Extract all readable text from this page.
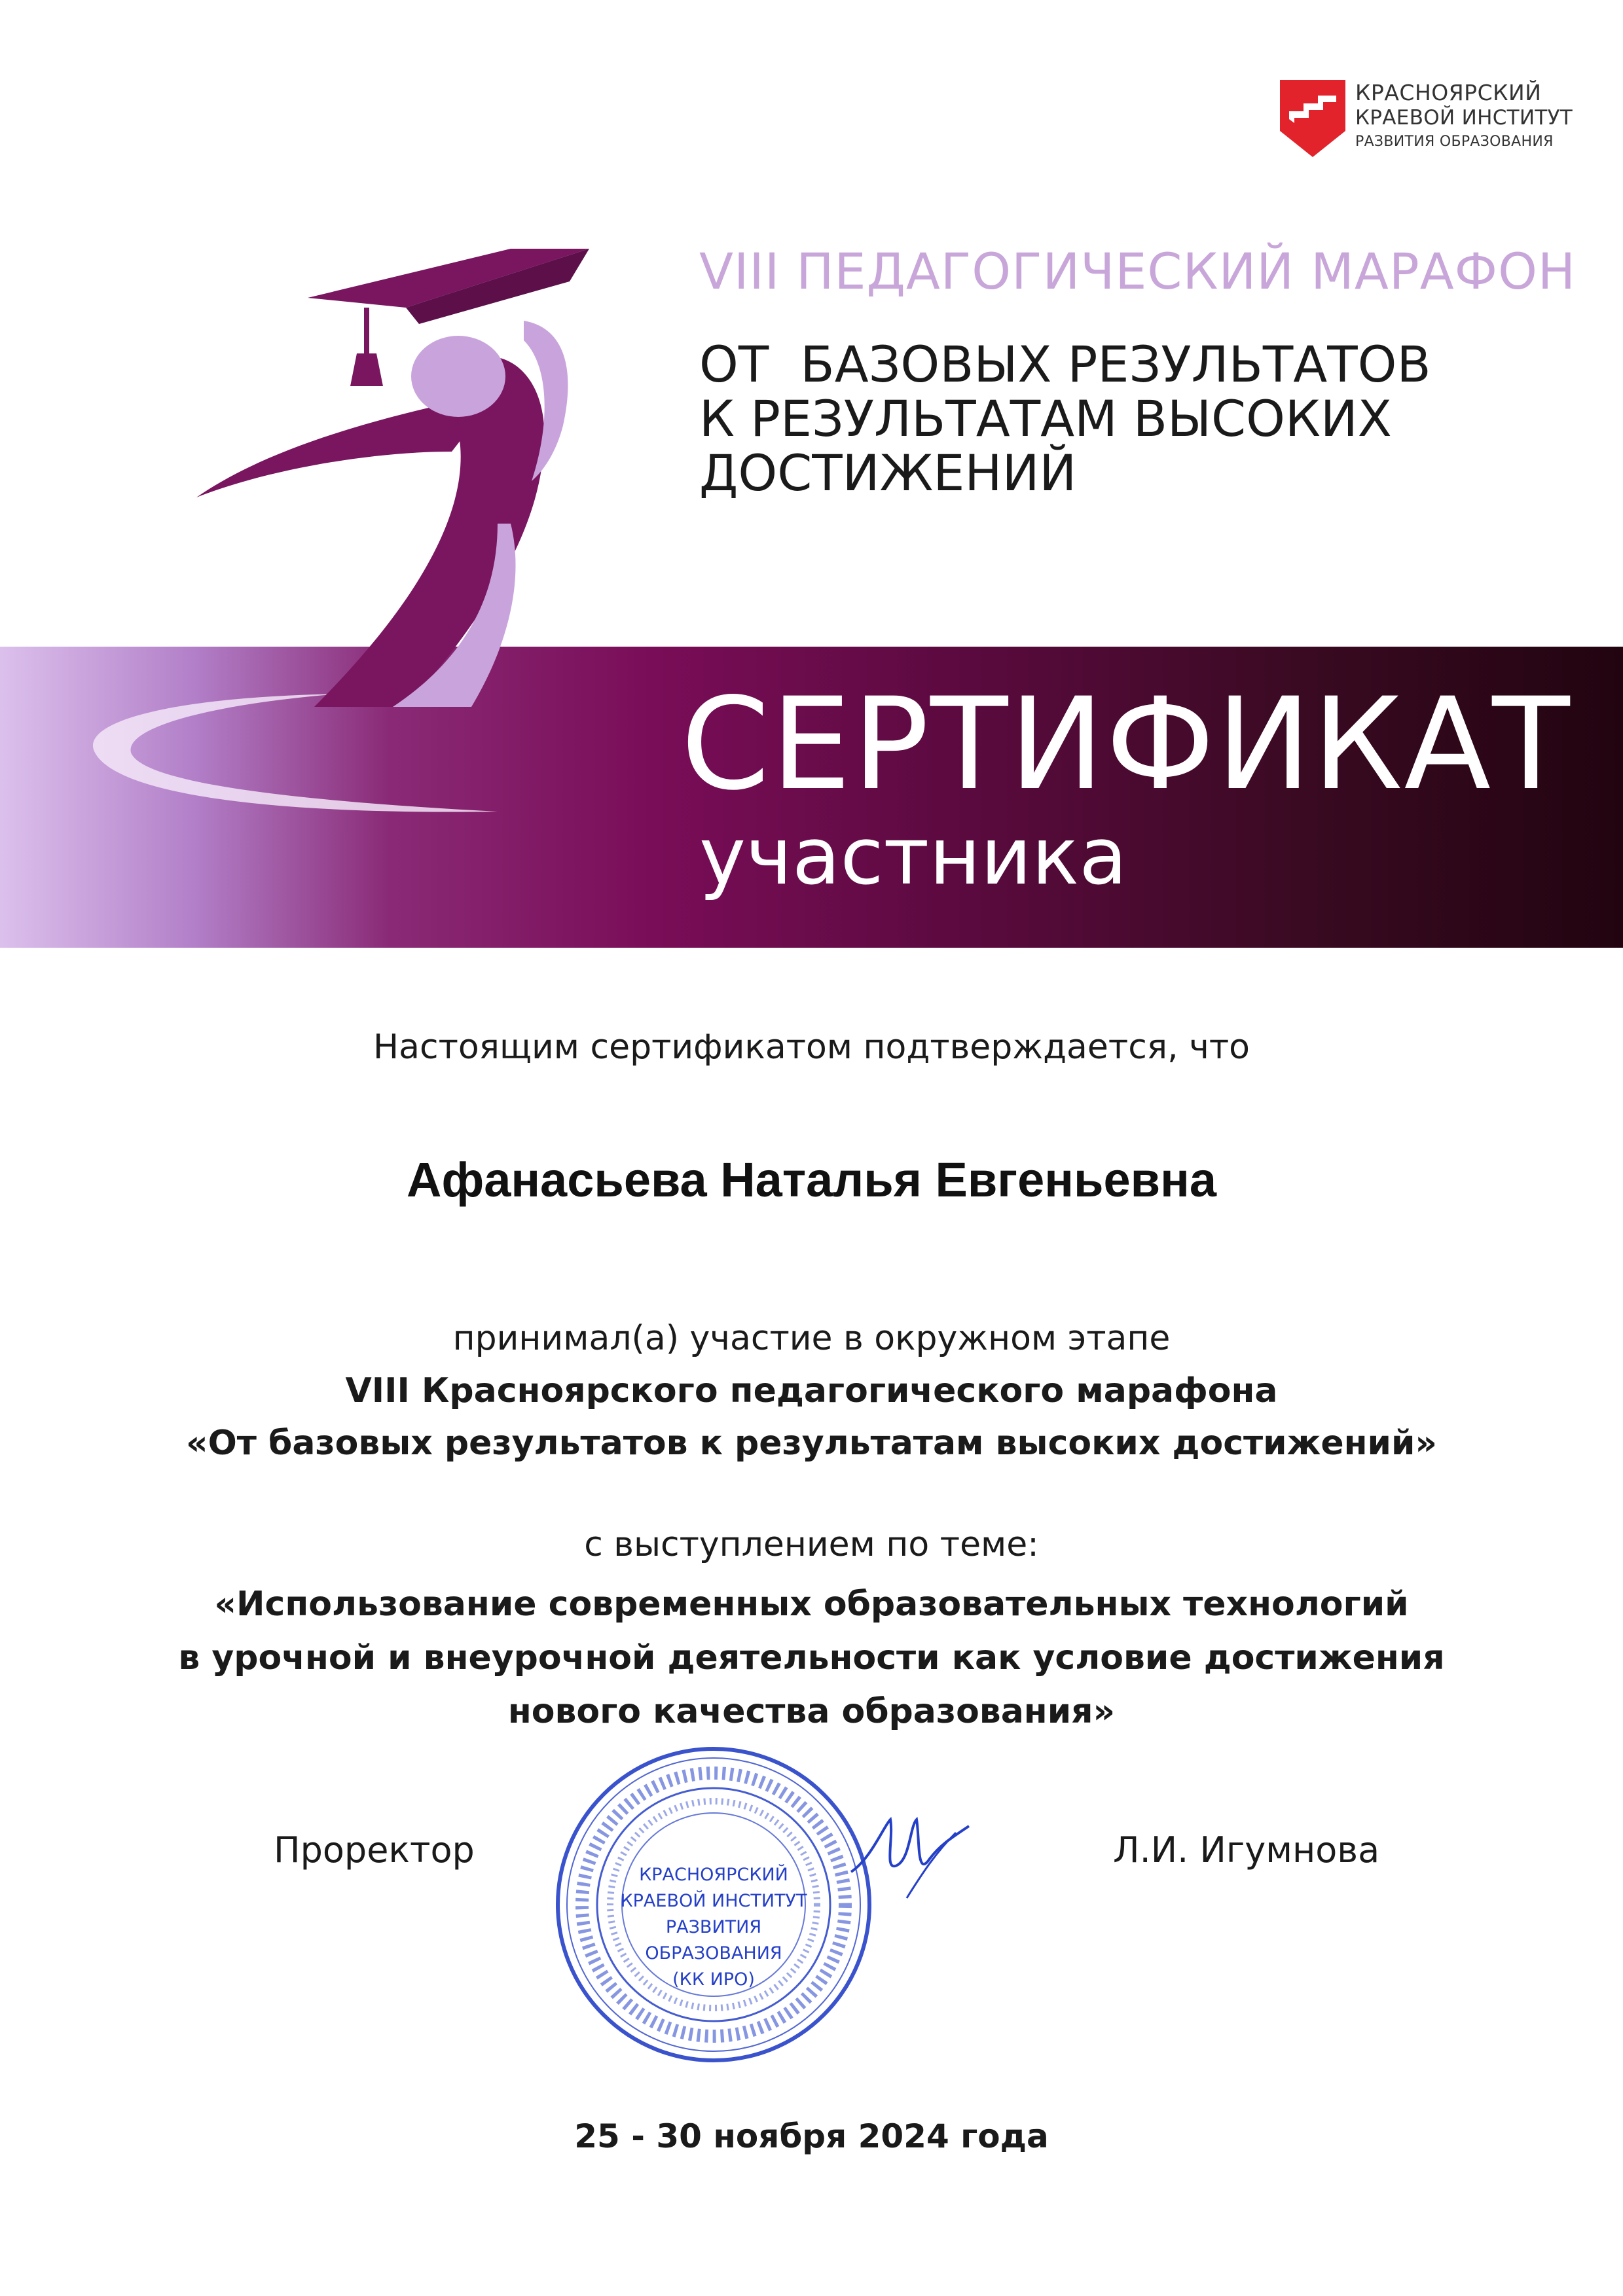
КРАСНОЯРСКИЙ
КРАЕВОЙ ИНСТИТУТ
РАЗВИТИЯ ОБРАЗОВАНИЯ
VIII ПЕДАГОГИЧЕСКИЙ МАРАФОН
ОТ  БАЗОВЫХ РЕЗУЛЬТАТОВ
К РЕЗУЛЬТАТАМ ВЫСОКИХ
ДОСТИЖЕНИЙ
СЕРТИФИКАТ
участника
Настоящим сертификатом подтверждается, что
Афанасьева Наталья Евгеньевна
принимал(а) участие в окружном этапе
VIII Красноярского педагогического марафона
«От базовых результатов к результатам высоких достижений»
с выступлением по теме:
«Использование современных образовательных технологий
в урочной и внеурочной деятельности как условие достижения
нового качества образования»
Проректор
КРАСНОЯРСКИЙ
КРАЕВОЙ ИНСТИТУТ
РАЗВИТИЯ
ОБРАЗОВАНИЯ
(КК ИРО)
Л.И. Игумнова
25 - 30 ноября 2024 года
